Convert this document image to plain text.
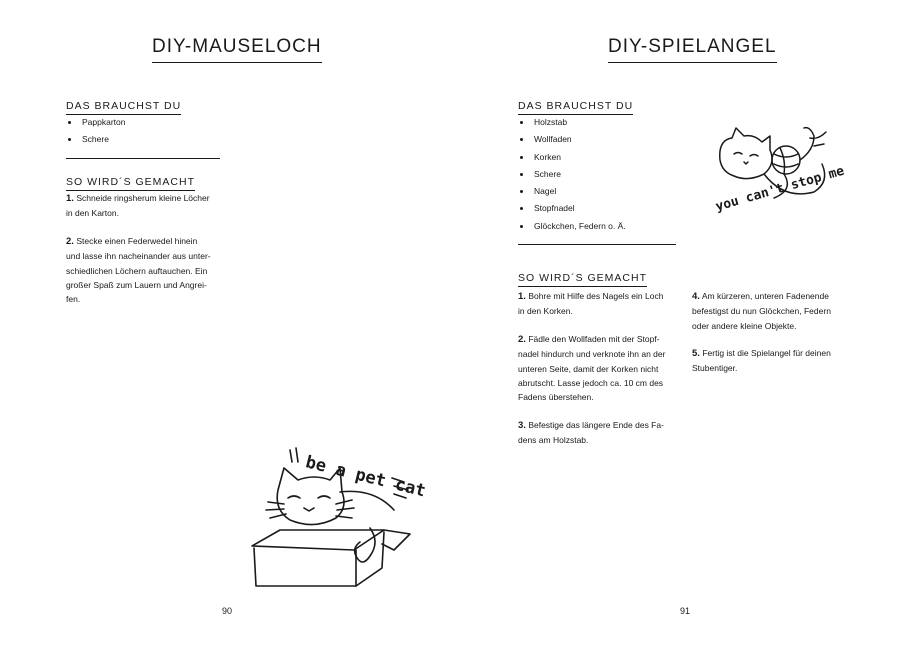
DIY-MAUSELOCH
DAS BRAUCHST DU
• Pappkarton
• Schere
SO WIRD´S GEMACHT
1. Schneide ringsherum kleine Löcher
in den Karton.
2. Stecke einen Federwedel hinein
und lasse ihn nacheinander aus unter-
schiedlichen Löchern auftauchen. Ein
großer Spaß zum Lauern und Angrei-
fen.
be a pet cat
90
DIY-SPIELANGEL
DAS BRAUCHST DU
• Holzstab
• Wollfaden
• Korken
• Schere
• Nagel
• Stopfnadel
• Glöckchen, Federn o. Ä.
you can't stop me
SO WIRD´S GEMACHT
1. Bohre mit Hilfe des Nagels ein Loch
in den Korken.
2. Fädle den Wollfaden mit der Stopf-
nadel hindurch und verknote ihn an der
unteren Seite, damit der Korken nicht
abrutscht. Lasse jedoch ca. 10 cm des
Fadens überstehen.
3. Befestige das längere Ende des Fa-
dens am Holzstab.
4. Am kürzeren, unteren Fadenende
befestigst du nun Glöckchen, Federn
oder andere kleine Objekte.
5. Fertig ist die Spielangel für deinen
Stubentiger.
91
